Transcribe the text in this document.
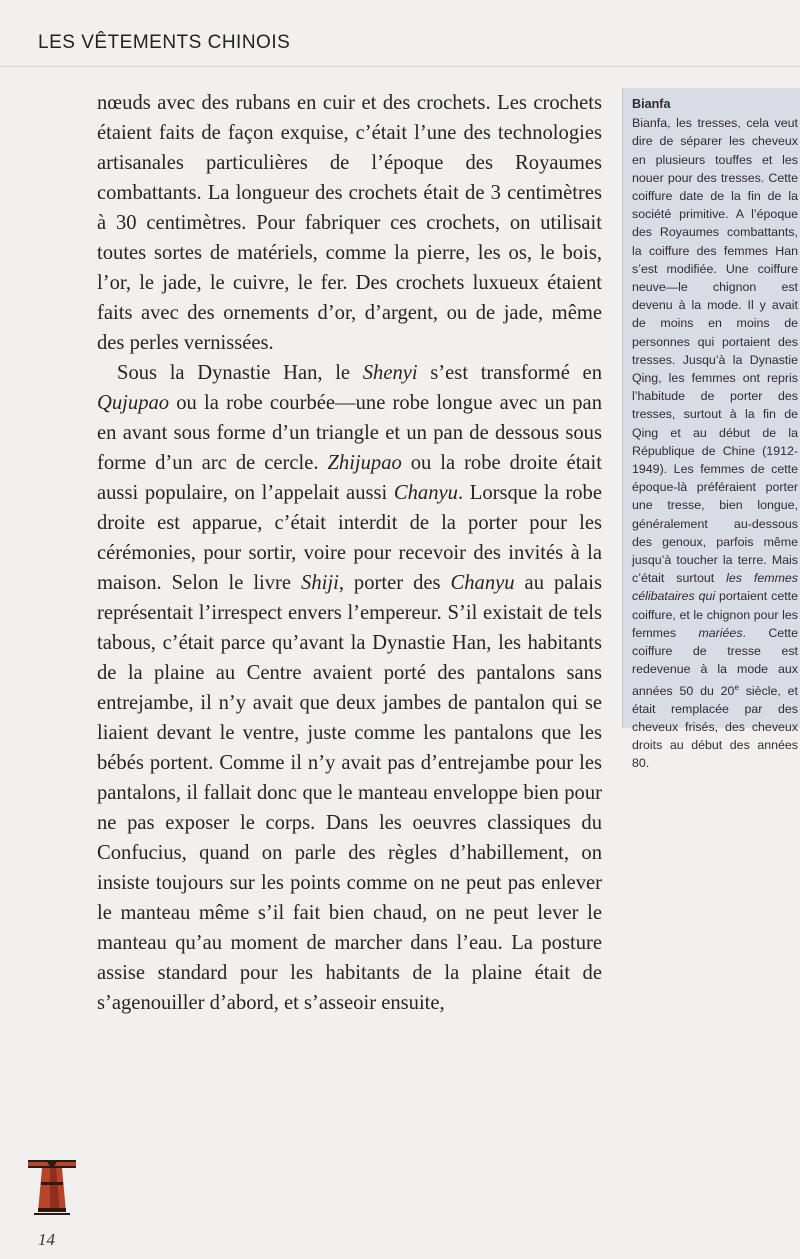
LES VÊTEMENTS CHINOIS

nœuds avec des rubans en cuir et des crochets. Les crochets étaient faits de façon exquise, c’était l’une des technologies artisanales particulières de l’époque des Royaumes combattants. La longueur des crochets était de 3 centimètres à 30 centimètres. Pour fabriquer ces crochets, on utilisait toutes sortes de matériels, comme la pierre, les os, le bois, l’or, le jade, le cuivre, le fer. Des crochets luxueux étaient faits avec des ornements d’or, d’argent, ou de jade, même des perles vernissées.

Sous la Dynastie Han, le Shenyi s’est transformé en Qujupao ou la robe courbée—une robe longue avec un pan en avant sous forme d’un triangle et un pan de dessous sous forme d’un arc de cercle. Zhijupao ou la robe droite était aussi populaire, on l’appelait aussi Chanyu. Lorsque la robe droite est apparue, c’était interdit de la porter pour les cérémonies, pour sortir, voire pour recevoir des invités à la maison. Selon le livre Shiji, porter des Chanyu au palais représentait l’irrespect envers l’empereur. S’il existait de tels tabous, c’était parce qu’avant la Dynastie Han, les habitants de la plaine au Centre avaient porté des pantalons sans entrejambe, il n’y avait que deux jambes de pantalon qui se liaient devant le ventre, juste comme les pantalons que les bébés portent. Comme il n’y avait pas d’entrejambe pour les pantalons, il fallait donc que le manteau enveloppe bien pour ne pas exposer le corps. Dans les oeuvres classiques du Confucius, quand on parle des règles d’habillement, on insiste toujours sur les points comme on ne peut pas enlever le manteau même s’il fait bien chaud, on ne peut lever le manteau qu’au moment de marcher dans l’eau. La posture assise standard pour les habitants de la plaine était de s’agenouiller d’abord, et s’asseoir ensuite,

Bianfa

Bianfa, les tresses, cela veut dire de séparer les cheveux en plusieurs touffes et les nouer pour des tresses. Cette coiffure date de la fin de la société primitive. A l’époque des Royaumes combattants, la coiffure des femmes Han s’est modifiée. Une coiffure neuve—le chignon est devenu à la mode. Il y avait de moins en moins de personnes qui portaient des tresses. Jusqu’à la Dynastie Qing, les femmes ont repris l’habitude de porter des tresses, surtout à la fin de Qing et au début de la République de Chine (1912-1949). Les femmes de cette époque-là préféraient porter une tresse, bien longue, généralement au-dessous des genoux, parfois même jusqu’à toucher la terre. Mais c’était surtout les femmes célibataires qui portaient cette coiffure, et le chignon pour les femmes mariées. Cette coiffure de tresse est redevenue à la mode aux années 50 du 20e siècle, et était remplacée par des cheveux frisés, des cheveux droits au début des années 80.

14
